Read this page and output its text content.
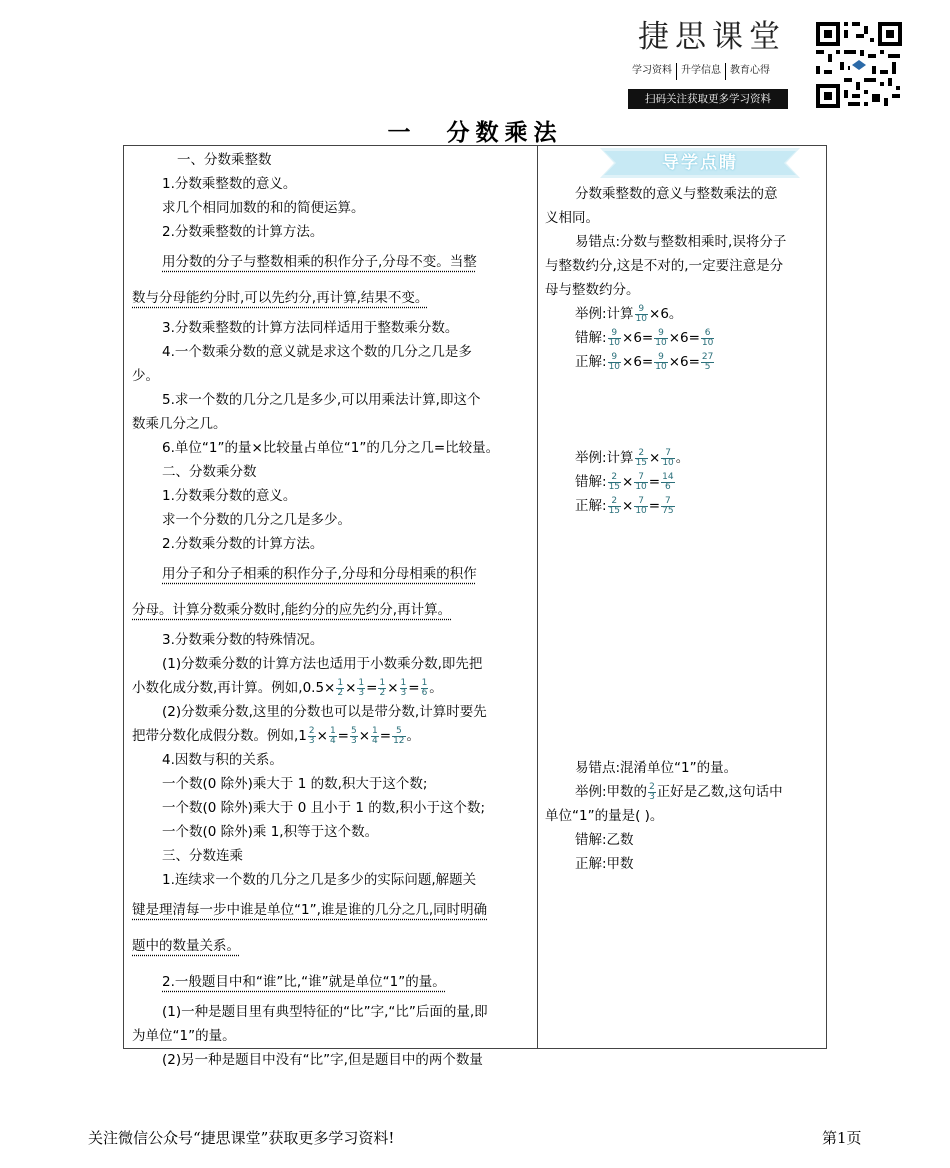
捷思课堂
学习资料 升学信息 教育心得
扫码关注获取更多学习资料
一 分数乘法
一、分数乘整数
1.分数乘整数的意义。
求几个相同加数的和的简便运算。
2.分数乘整数的计算方法。
用分数的分子与整数相乘的积作分子,分母不变。当整
数与分母能约分时,可以先约分,再计算,结果不变。
3.分数乘整数的计算方法同样适用于整数乘分数。
4.一个数乘分数的意义就是求这个数的几分之几是多
少。
5.求一个数的几分之几是多少,可以用乘法计算,即这个
数乘几分之几。
6.单位“1”的量×比较量占单位“1”的几分之几=比较量。
二、分数乘分数
1.分数乘分数的意义。
求一个分数的几分之几是多少。
2.分数乘分数的计算方法。
用分子和分子相乘的积作分子,分母和分母相乘的积作
分母。计算分数乘分数时,能约分的应先约分,再计算。
3.分数乘分数的特殊情况。
(1)分数乘分数的计算方法也适用于小数乘分数,即先把
小数化成分数,再计算。例如$,0.5\times \frac{1}{2} \times \frac{1}{3} = \frac{1}{2} \times \frac{1}{3} = \frac{1}{6}$ 。
(2)分数乘分数,这里的分数也可以是带分数,计算时要先
把带分数化成假分数。例如$,1 \frac{2}{3} \times \frac{1}{4} = \frac{5}{3} \times \frac{1}{4} = \frac{5}{12}$ 。
4.因数与积的关系。
一个数(0 除外)乘大于 1 的数,积大于这个数;
一个数(0 除外)乘大于 0 且小于 1 的数,积小于这个数;
一个数(0 除外)乘 1,积等于这个数。
三、分数连乘
1.连续求一个数的几分之几是多少的实际问题,解题关
键是理清每一步中谁是单位“1”,谁是谁的几分之几,同时明确
题中的数量关系。
2.一般题目中和“谁”比,“谁”就是单位“1”的量。
(1)一种是题目里有典型特征的“比”字,“比”后面的量,即
为单位“1”的量。
(2)另一种是题目中没有“比”字,但是题目中的两个数量
导学点睛
分数乘整数的意义与整数乘法的意
义相同。
易错点:分数与整数相乘时,误将分子
与整数约分,这是不对的,一定要注意是分
母与整数约分。
举例:计算 $\frac{9}{10} \times 6$。
错解: $\frac{9}{10} \times 6= \frac{9}{10} \times 6= \frac{6}{10}$
正解: $\frac{9}{10} \times 6= \frac{9}{10} \times 6= \frac{27}{5}$
举例:计算 $\frac{2}{15} \times \frac{7}{10}$ 。
错解: $\frac{2}{15} \times \frac{7}{10} = \frac{14}{6}$
正解: $\frac{2}{15} \times \frac{7}{10} = \frac{7}{75}$
易错点:混淆单位“1”的量。
举例:甲数的 $\frac{2}{3}$ 正好是乙数,这句话中
单位“1”的量是( )。
错解:乙数
正解:甲数
关注微信公众号“捷思课堂”获取更多学习资料!	第1页
